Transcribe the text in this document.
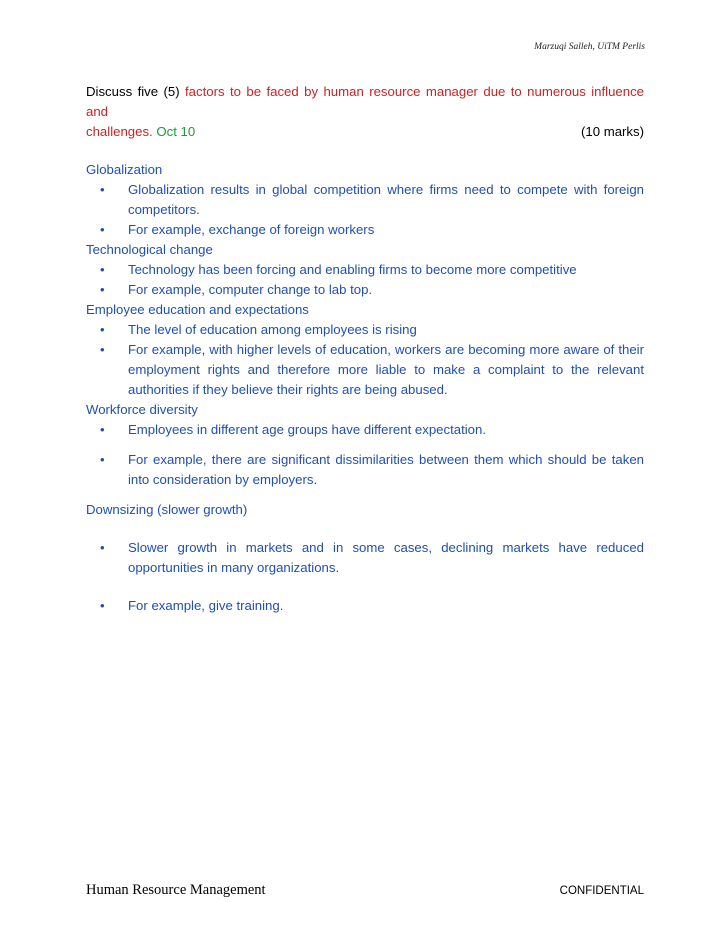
Marzuqi Salleh, UiTM Perlis
Discuss five (5) factors to be faced by human resource manager due to numerous influence and
challenges. Oct 10	(10 marks)
Globalization
• Globalization results in global competition where firms need to compete with foreign competitors.
• For example, exchange of foreign workers
Technological change
• Technology has been forcing and enabling firms to become more competitive
• For example, computer change to lab top.
Employee education and expectations
• The level of education among employees is rising
• For example, with higher levels of education, workers are becoming more aware of their employment rights and therefore more liable to make a complaint to the relevant authorities if they believe their rights are being abused.
Workforce diversity
• Employees in different age groups have different expectation.
• For example, there are significant dissimilarities between them which should be taken into consideration by employers.
Downsizing (slower growth)
• Slower growth in markets and in some cases, declining markets have reduced opportunities in many organizations.
• For example, give training.
Human Resource Management	CONFIDENTIAL
